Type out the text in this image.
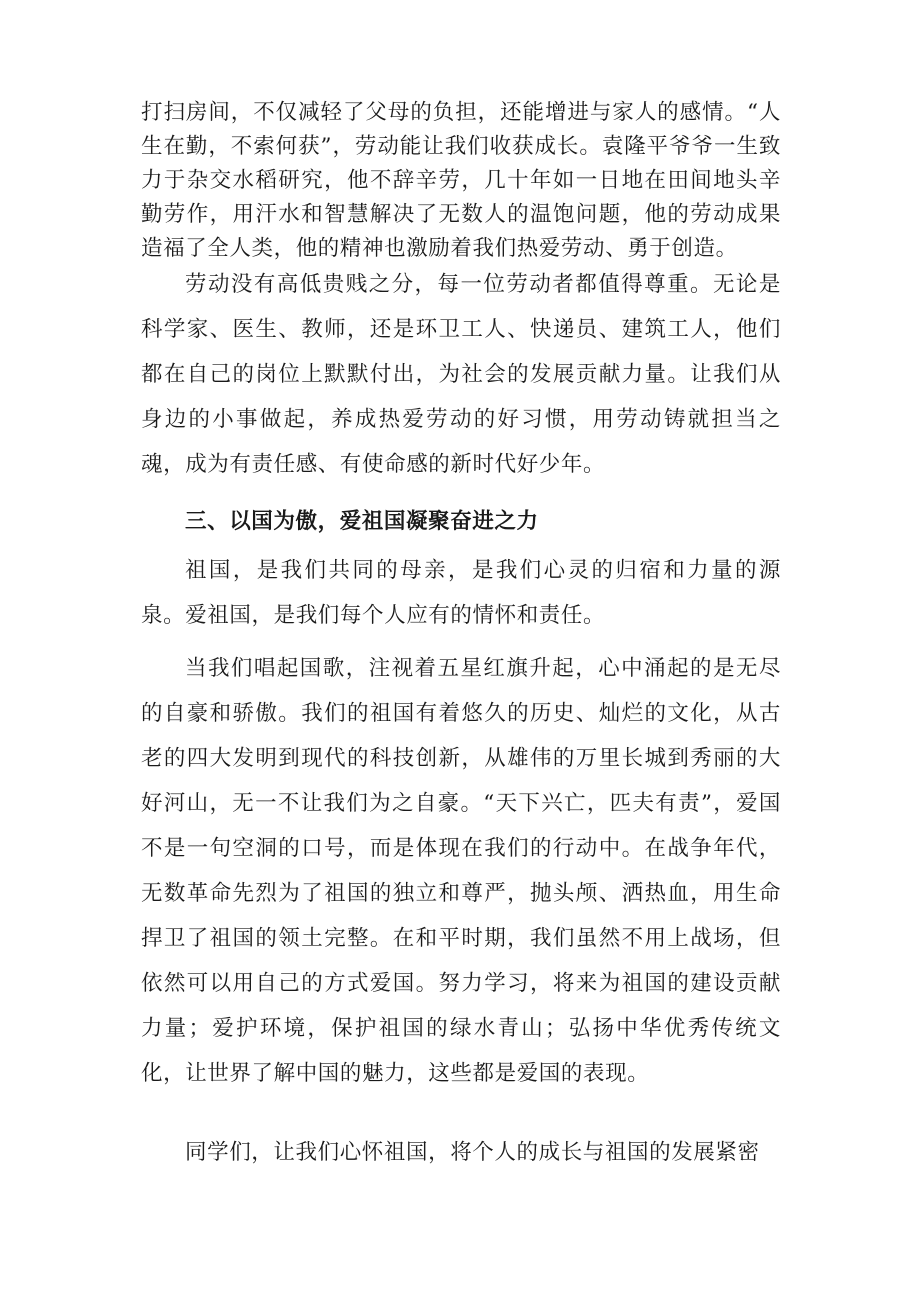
打扫房间，不仅减轻了父母的负担，还能增进与家人的感情。“人生在勤，不索何获”，劳动能让我们收获成长。袁隆平爷爷一生致力于杂交水稻研究，他不辞辛劳，几十年如一日地在田间地头辛勤劳作，用汗水和智慧解决了无数人的温饱问题，他的劳动成果造福了全人类，他的精神也激励着我们热爱劳动、勇于创造。

劳动没有高低贵贱之分，每一位劳动者都值得尊重。无论是科学家、医生、教师，还是环卫工人、快递员、建筑工人，他们都在自己的岗位上默默付出，为社会的发展贡献力量。让我们从身边的小事做起，养成热爱劳动的好习惯，用劳动铸就担当之魂，成为有责任感、有使命感的新时代好少年。

三、以国为傲，爱祖国凝聚奋进之力

祖国，是我们共同的母亲，是我们心灵的归宿和力量的源泉。爱祖国，是我们每个人应有的情怀和责任。

当我们唱起国歌，注视着五星红旗升起，心中涌起的是无尽的自豪和骄傲。我们的祖国有着悠久的历史、灿烂的文化，从古老的四大发明到现代的科技创新，从雄伟的万里长城到秀丽的大好河山，无一不让我们为之自豪。“天下兴亡，匹夫有责”，爱国不是一句空洞的口号，而是体现在我们的行动中。在战争年代，无数革命先烈为了祖国的独立和尊严，抛头颅、洒热血，用生命捍卫了祖国的领土完整。在和平时期，我们虽然不用上战场，但依然可以用自己的方式爱国。努力学习，将来为祖国的建设贡献力量；爱护环境，保护祖国的绿水青山；弘扬中华优秀传统文化，让世界了解中国的魅力，这些都是爱国的表现。

同学们，让我们心怀祖国，将个人的成长与祖国的发展紧密
